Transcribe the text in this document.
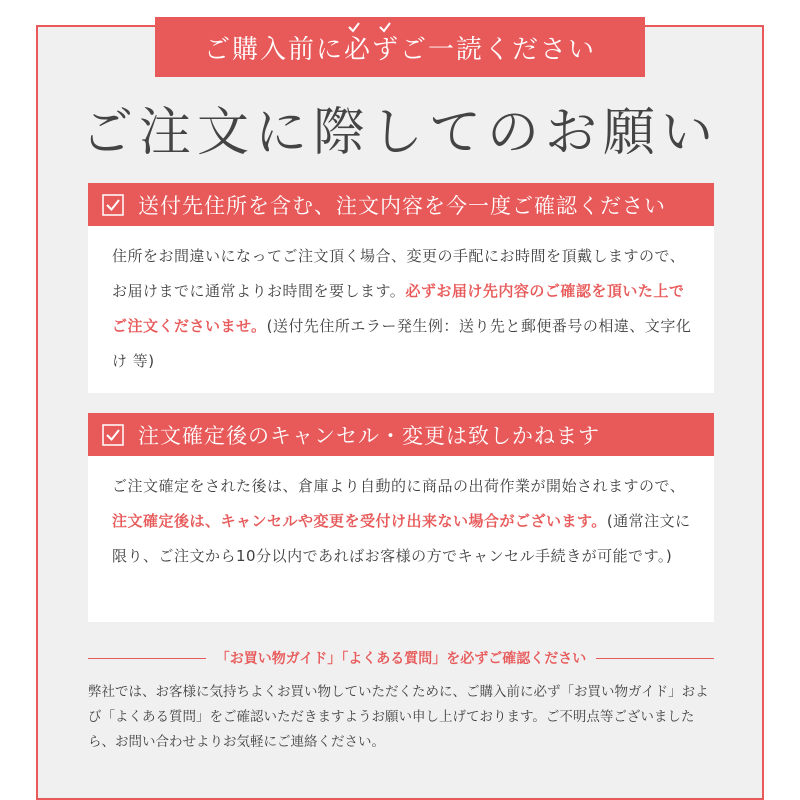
ご購入前に必ずご一読ください
ご注文に際してのお願い
送付先住所を含む、注文内容を今一度ご確認ください
住所をお間違いになってご注文頂く場合、変更の手配にお時間を頂戴しますので、お届けまでに通常よりお時間を要します。必ずお届け先内容のご確認を頂いた上でご注文くださいませ。(送付先住所エラー発生例：送り先と郵便番号の相違、文字化け 等)
注文確定後のキャンセル・変更は致しかねます
ご注文確定をされた後は、倉庫より自動的に商品の出荷作業が開始されますので、注文確定後は、キャンセルや変更を受付け出来ない場合がございます。(通常注文に限り、ご注文から10分以内であればお客様の方でキャンセル手続きが可能です。)
「お買い物ガイド」「よくある質問」を必ずご確認ください
弊社では、お客様に気持ちよくお買い物していただくために、ご購入前に必ず「お買い物ガイド」および「よくある質問」をご確認いただきますようお願い申し上げております。ご不明点等ございましたら、お問い合わせよりお気軽にご連絡ください。
